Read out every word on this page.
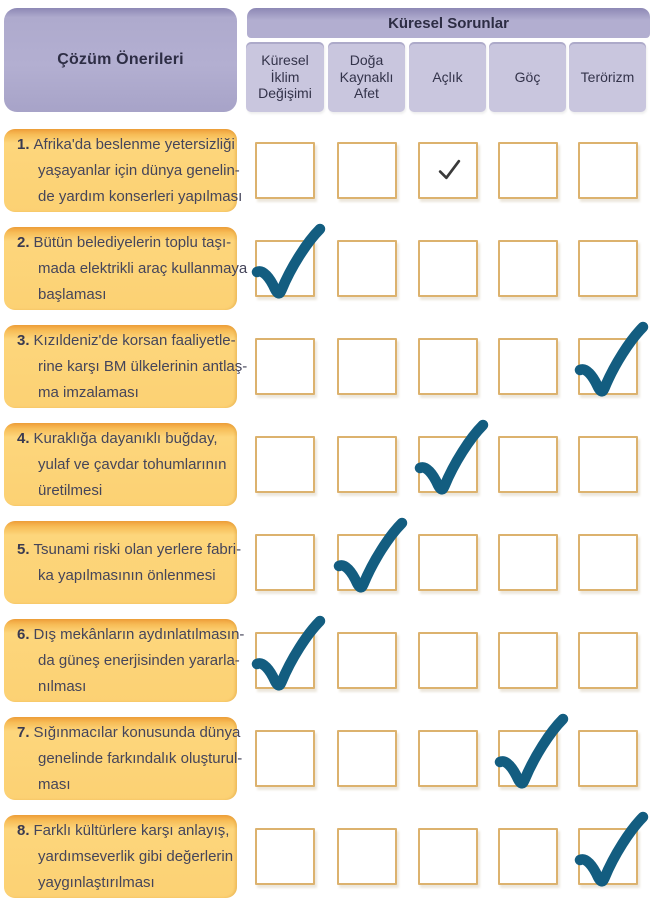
Çözüm Önerileri
Küresel Sorunlar
Küresel İklim Değişimi
Doğa Kaynaklı Afet
Açlık	Göç	Terörizm
1. Afrika'da beslenme yetersizliği
yaşayanlar için dünya genelin-
de yardım konserleri yapılması
2. Bütün belediyelerin toplu taşı-
mada elektrikli araç kullanmaya
başlaması
3. Kızıldeniz'de korsan faaliyetle-
rine karşı BM ülkelerinin antlaş-
ma imzalaması
4. Kuraklığa dayanıklı buğday,
yulaf ve çavdar tohumlarının
üretilmesi
5. Tsunami riski olan yerlere fabri-
ka yapılmasının önlenmesi
6. Dış mekânların aydınlatılmasın-
da güneş enerjisinden yararla-
nılması
7. Sığınmacılar konusunda dünya
genelinde farkındalık oluşturul-
ması
8. Farklı kültürlere karşı anlayış,
yardımseverlik gibi değerlerin
yaygınlaştırılması
